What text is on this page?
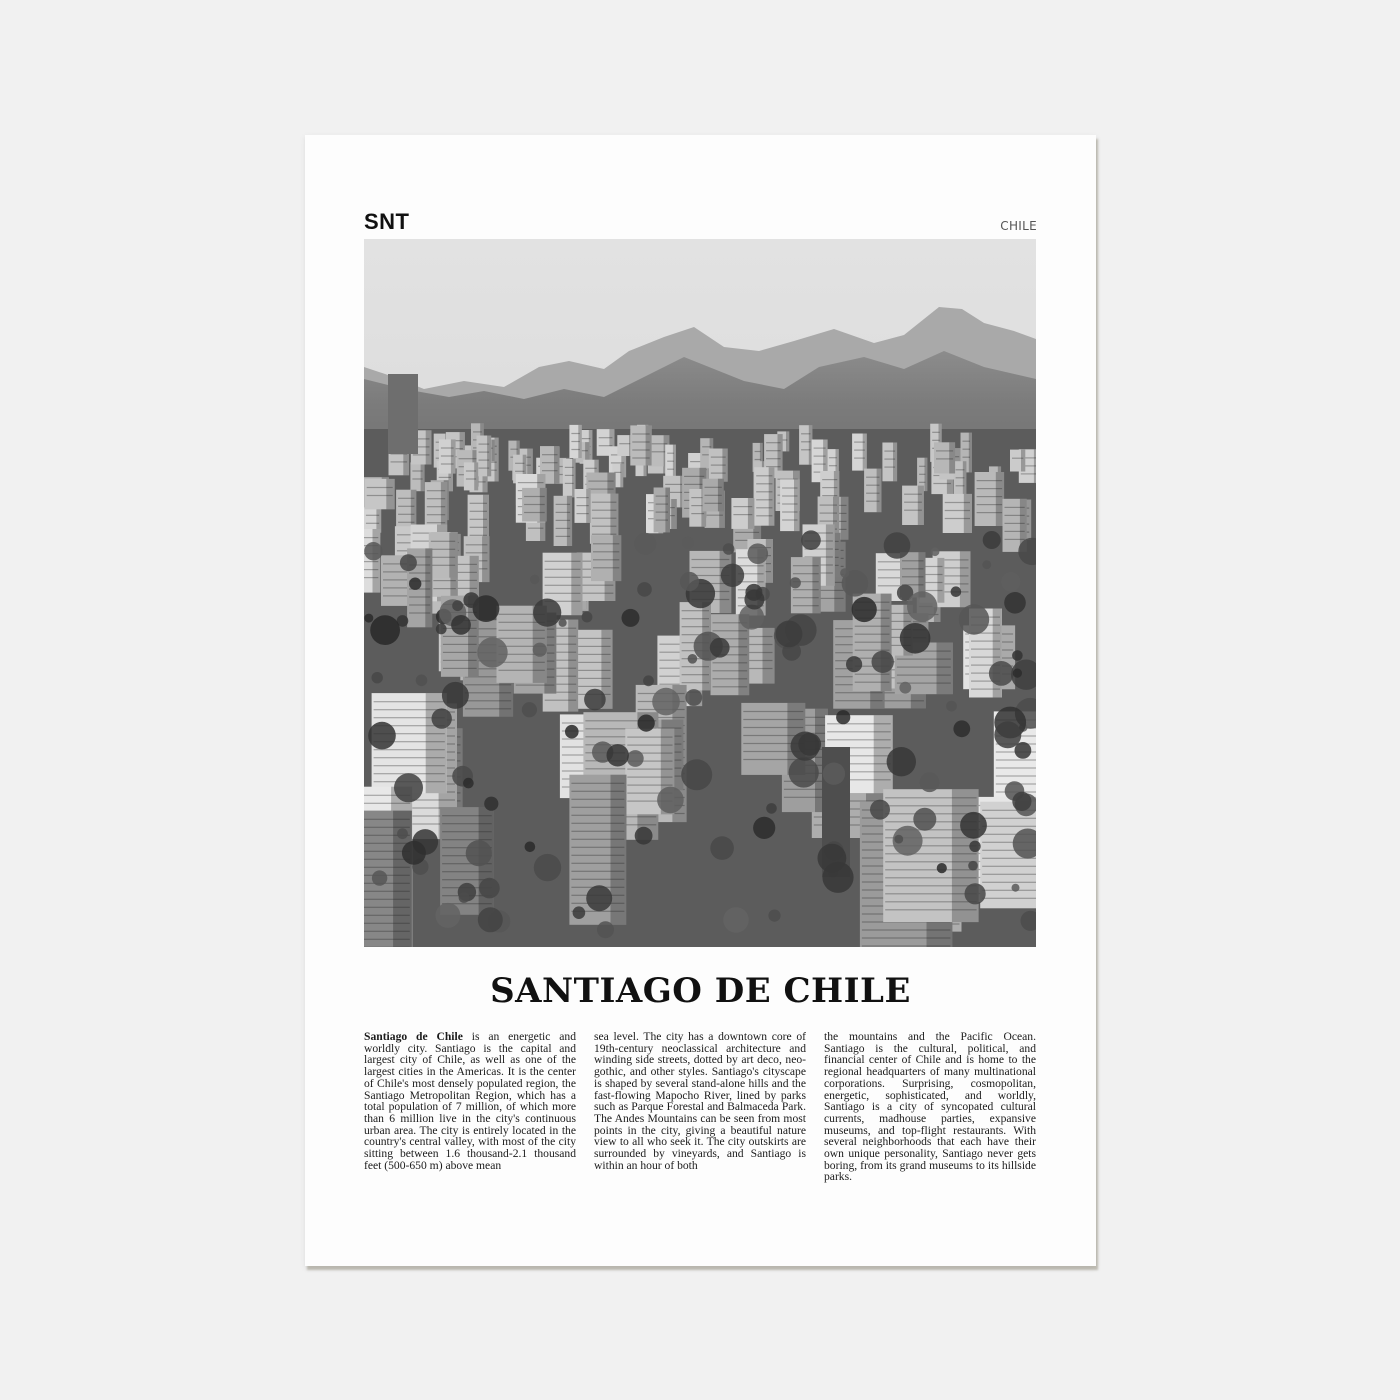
SNT	CHILE
SANTIAGO DE CHILE
Santiago de Chile is an energetic and worldly city. Santiago is the capital and largest city of Chile, as well as one of the largest cities in the Americas. It is the center of Chile's most densely populated region, the Santiago Metropolitan Region, which has a total population of 7 million, of which more than 6 million live in the city's continuous urban area. The city is entirely located in the country's central valley, with most of the city sitting between 1.6 thousand-2.1 thousand feet (500-650 m) above mean
sea level. The city has a downtown core of 19th-century neoclassical architecture and winding side streets, dotted by art deco, neo-gothic, and other styles. Santiago's cityscape is shaped by several stand-alone hills and the fast-flowing Mapocho River, lined by parks such as Parque Forestal and Balmaceda Park. The Andes Mountains can be seen from most points in the city, giving a beautiful nature view to all who seek it. The city outskirts are surrounded by vineyards, and Santiago is within an hour of both
the mountains and the Pacific Ocean. Santiago is the cultural, political, and financial center of Chile and is home to the regional headquarters of many multinational corporations. Surprising, cosmopolitan, energetic, sophisticated, and worldly, Santiago is a city of syncopated cultural currents, madhouse parties, expansive museums, and top-flight restaurants. With several neighborhoods that each have their own unique personality, Santiago never gets boring, from its grand museums to its hillside parks.
